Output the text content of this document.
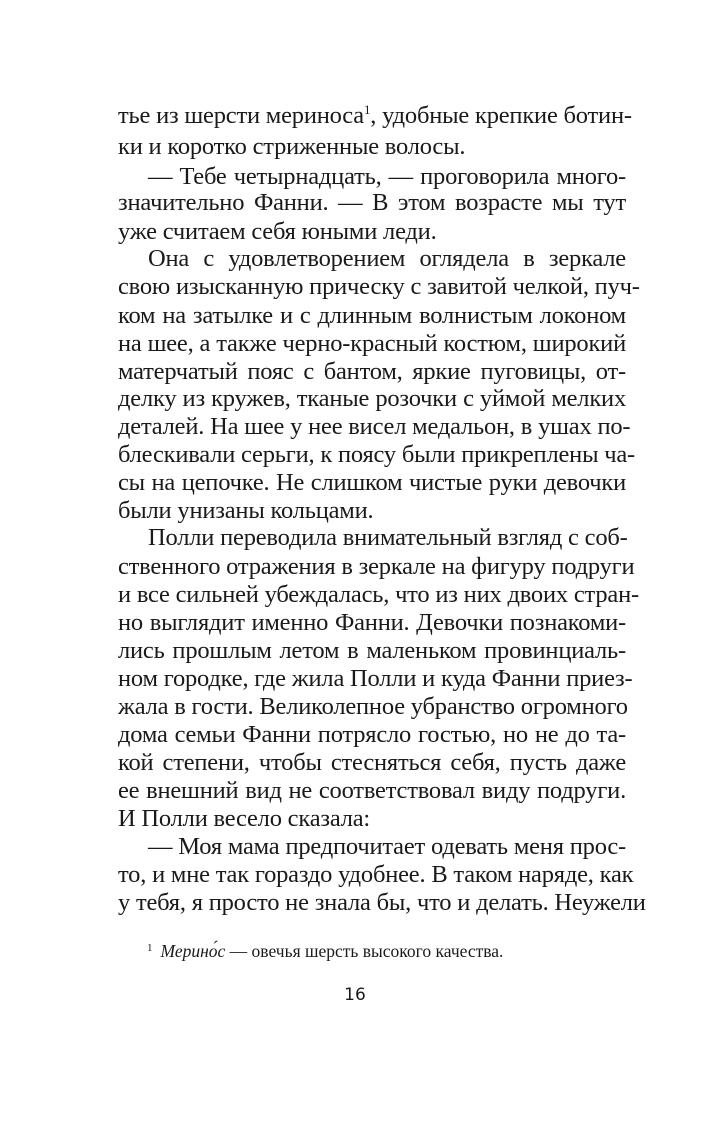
тье из шерсти мериноса$^1$, удобные крепкие ботин-
ки и коротко стриженные волосы.
— Тебе четырнадцать, — проговорила много-
значительно Фанни. — В этом возрасте мы тут
уже считаем себя юными леди.
Она с удовлетворением оглядела в зеркале
свою изысканную прическу с завитой челкой, пуч-
ком на затылке и с длинным волнистым локоном
на шее, а также черно-красный костюм, широкий
матерчатый пояс с бантом, яркие пуговицы, от-
делку из кружев, тканые розочки с уймой мелких
деталей. На шее у нее висел медальон, в ушах по-
блескивали серьги, к поясу были прикреплены ча-
сы на цепочке. Не слишком чистые руки девочки
были унизаны кольцами.
Полли переводила внимательный взгляд с соб-
ственного отражения в зеркале на фигуру подруги
и все сильней убеждалась, что из них двоих стран-
но выглядит именно Фанни. Девочки познакоми-
лись прошлым летом в маленьком провинциаль-
ном городке, где жила Полли и куда Фанни приез-
жала в гости. Великолепное убранство огромного
дома семьи Фанни потрясло гостью, но не до та-
кой степени, чтобы стесняться себя, пусть даже
ее внешний вид не соответствовал виду подруги.
И Полли весело сказала:
— Моя мама предпочитает одевать меня прос-
то, и мне так гораздо удобнее. В таком наряде, как
у тебя, я просто не знала бы, что и делать. Неужели
$^1$ Мерино́с — овечья шерсть высокого качества.
16
